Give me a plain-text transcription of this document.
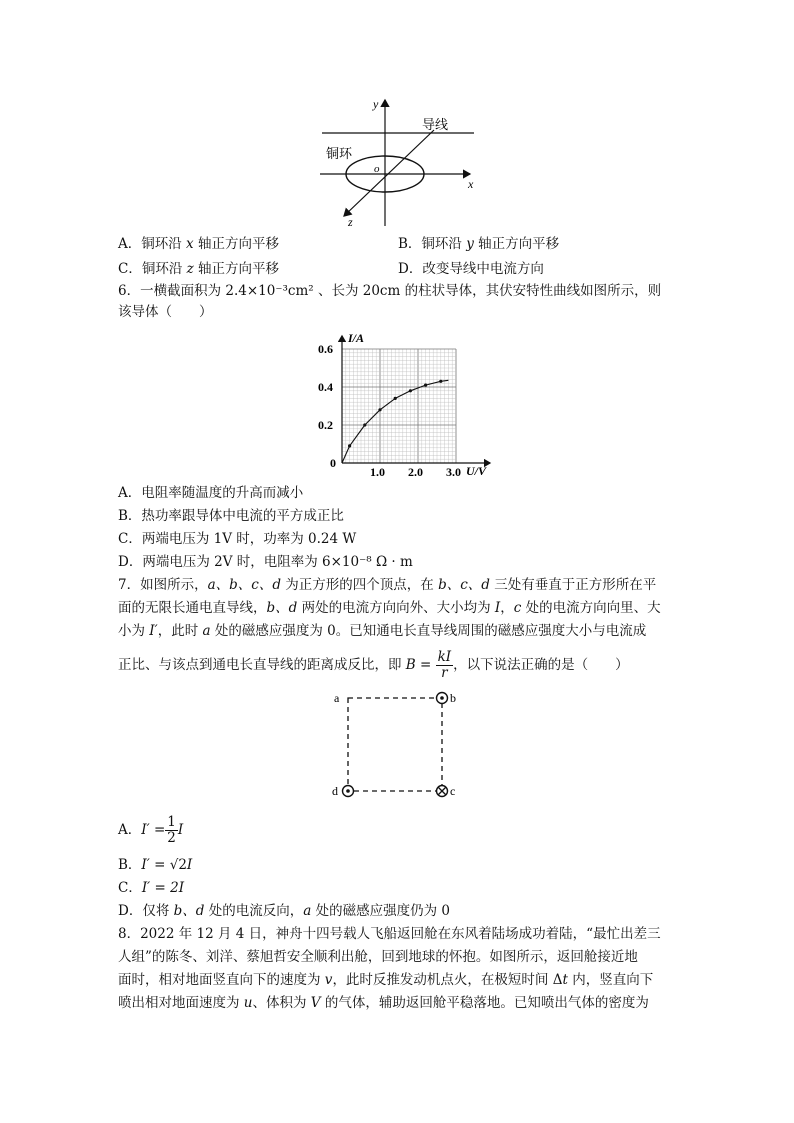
y
x
z
o
导线
铜环
A．铜环沿 x 轴正方向平移	B．铜环沿 y 轴正方向平移
C．铜环沿 z 轴正方向平移	D．改变导线中电流方向
6．一横截面积为 2.4×10⁻³cm² 、长为 20cm 的柱状导体，其伏安特性曲线如图所示，则
该导体（　　）
1.0 2.0 3.0
0.2
0.4
0.6
I/A
U/V
0
A．电阻率随温度的升高而减小
B．热功率跟导体中电流的平方成正比
C．两端电压为 1V 时，功率为 0.24 W
D．两端电压为 2V 时，电阻率为 6×10⁻⁸ Ω · m
7．如图所示，a、b、c、d 为正方形的四个顶点，在 b、c、d 三处有垂直于正方形所在平
面的无限长通电直导线，b、d 两处的电流方向向外、大小均为 I，c 处的电流方向向里、大
小为 I′，此时 a 处的磁感应强度为 0。已知通电长直导线周围的磁感应强度大小与电流成
正比、与该点到通电长直导线的距离成反比，即 $B = \frac{kI}{r}$ ，以下说法正确的是（　　）
a	b
c
d
A．$I' = \frac{1}{2}$ I
B．I′ = √2I
C．I′ = 2I
D．仅将 b、d 处的电流反向，a 处的磁感应强度仍为 0
8．2022 年 12 月 4 日，神舟十四号载人飞船返回舱在东风着陆场成功着陆，“最忙出差三
人组”的陈冬、刘洋、蔡旭哲安全顺利出舱，回到地球的怀抱。如图所示，返回舱接近地
面时，相对地面竖直向下的速度为 v，此时反推发动机点火，在极短时间 Δt 内，竖直向下
喷出相对地面速度为 u、体积为 V 的气体，辅助返回舱平稳落地。已知喷出气体的密度为
